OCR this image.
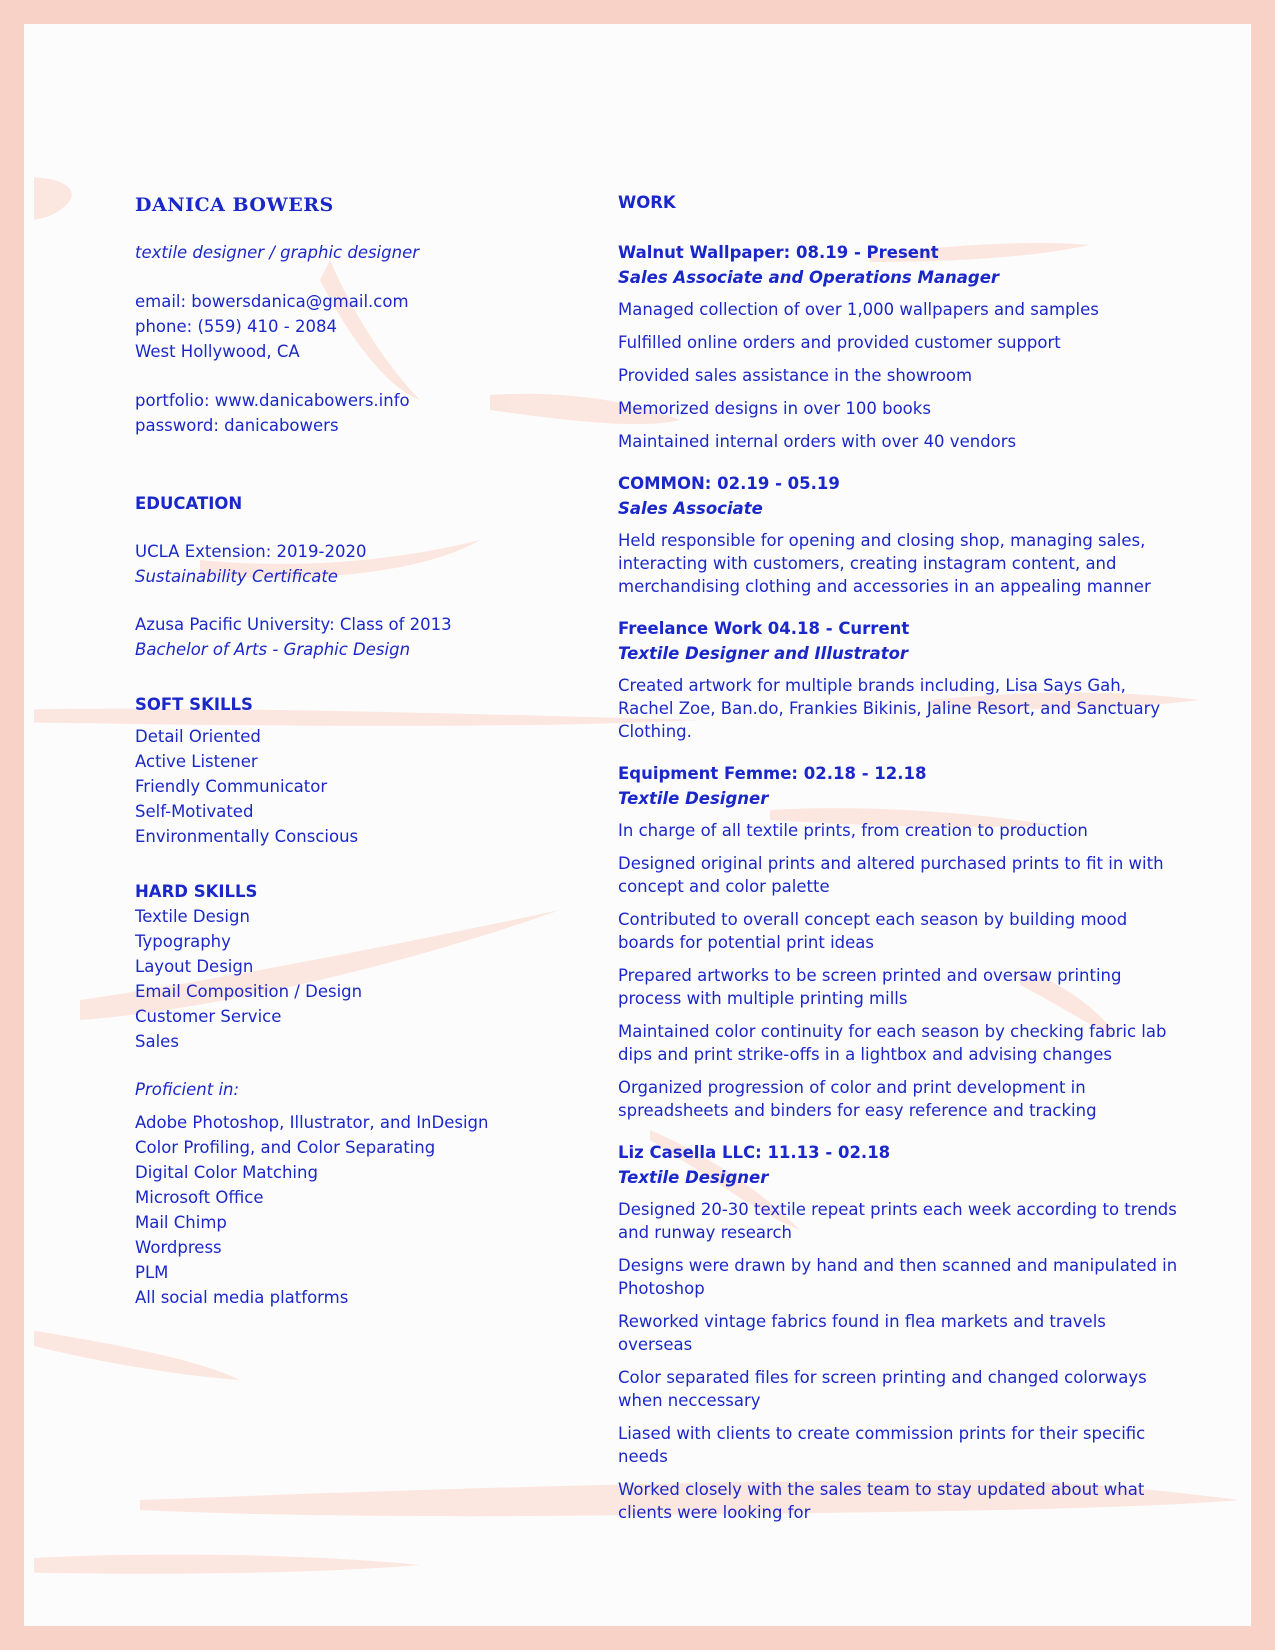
DANICA BOWERS

textile designer / graphic designer

email: bowersdanica@gmail.com

phone: (559) 410 - 2084

West Hollywood, CA

portfolio: www.danicabowers.info

password: danicabowers

EDUCATION

UCLA Extension: 2019-2020

Sustainability Certificate

Azusa Pacific University: Class of 2013

Bachelor of Arts - Graphic Design

SOFT SKILLS

Detail Oriented

Active Listener

Friendly Communicator

Self-Motivated

Environmentally Conscious

HARD SKILLS

Textile Design

Typography

Layout Design

Email Composition / Design

Customer Service

Sales

Proficient in:

Adobe Photoshop, Illustrator, and InDesign

Color Profiling, and Color Separating

Digital Color Matching

Microsoft Office

Mail Chimp

Wordpress

PLM

All social media platforms

WORK

Walnut Wallpaper: 08.19 - Present

Sales Associate and Operations Manager

Managed collection of over 1,000 wallpapers and samples

Fulfilled online orders and provided customer support

Provided sales assistance in the showroom

Memorized designs in over 100 books

Maintained internal orders with over 40 vendors

COMMON: 02.19 - 05.19

Sales Associate

Held responsible for opening and closing shop, managing sales, interacting with customers, creating instagram content, and merchandising clothing and accessories in an appealing manner

Freelance Work 04.18 - Current

Textile Designer and Illustrator

Created artwork for multiple brands including, Lisa Says Gah, Rachel Zoe, Ban.do, Frankies Bikinis, Jaline Resort, and Sanctuary Clothing.

Equipment Femme: 02.18 - 12.18

Textile Designer

In charge of all textile prints, from creation to production

Designed original prints and altered purchased prints to fit in with concept and color palette

Contributed to overall concept each season by building mood boards for potential print ideas

Prepared artworks to be screen printed and oversaw printing process with multiple printing mills

Maintained color continuity for each season by checking fabric lab dips and print strike-offs in a lightbox and advising changes

Organized progression of color and print development in spreadsheets and binders for easy reference and tracking

Liz Casella LLC: 11.13 - 02.18

Textile Designer

Designed 20-30 textile repeat prints each week according to trends and runway research

Designs were drawn by hand and then scanned and manipulated in Photoshop

Reworked vintage fabrics found in flea markets and travels overseas

Color separated files for screen printing and changed colorways when neccessary

Liased with clients to create commission prints for their specific needs

Worked closely with the sales team to stay updated about what clients were looking for
